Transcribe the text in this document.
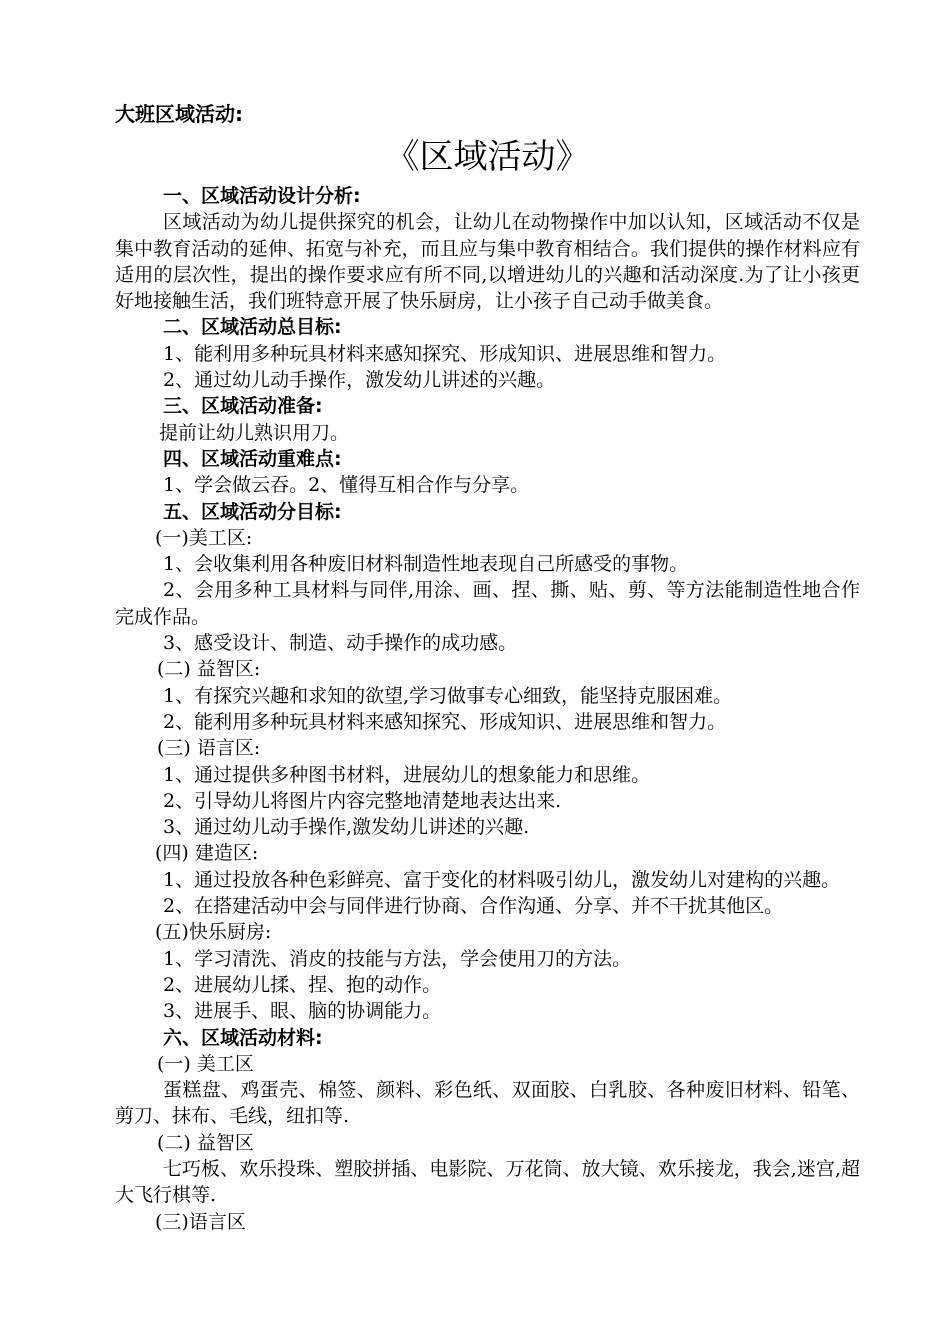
大班区域活动:
《区域活动》
一、区域活动设计分析:
区域活动为幼儿提供探究的机会，让幼儿在动物操作中加以认知，区域活动不仅是集中教育活动的延伸、拓宽与补充，而且应与集中教育相结合。我们提供的操作材料应有适用的层次性，提出的操作要求应有所不同,以增进幼儿的兴趣和活动深度.为了让小孩更好地接触生活，我们班特意开展了快乐厨房，让小孩子自己动手做美食。
二、区域活动总目标:
1、能利用多种玩具材料来感知探究、形成知识、进展思维和智力。
2、通过幼儿动手操作，激发幼儿讲述的兴趣。
三、区域活动准备:
提前让幼儿熟识用刀。
四、区域活动重难点:
1、学会做云吞。2、懂得互相合作与分享。
五、区域活动分目标:
(一)美工区:
1、会收集利用各种废旧材料制造性地表现自己所感受的事物。
2、会用多种工具材料与同伴,用涂、画、捏、撕、贴、剪、等方法能制造性地合作完成作品。
3、感受设计、制造、动手操作的成功感。
(二) 益智区:
1、有探究兴趣和求知的欲望,学习做事专心细致，能坚持克服困难。
2、能利用多种玩具材料来感知探究、形成知识、进展思维和智力。
(三) 语言区:
1、通过提供多种图书材料，进展幼儿的想象能力和思维。
2、引导幼儿将图片内容完整地清楚地表达出来.
3、通过幼儿动手操作,激发幼儿讲述的兴趣.
(四) 建造区:
1、通过投放各种色彩鲜亮、富于变化的材料吸引幼儿，激发幼儿对建构的兴趣。
2、在搭建活动中会与同伴进行协商、合作沟通、分享、并不干扰其他区。
(五)快乐厨房:
1、学习清洗、消皮的技能与方法，学会使用刀的方法。
2、进展幼儿揉、捏、抱的动作。
3、进展手、眼、脑的协调能力。
六、区域活动材料:
(一) 美工区
蛋糕盘、鸡蛋壳、棉签、颜料、彩色纸、双面胶、白乳胶、各种废旧材料、铅笔、剪刀、抹布、毛线，纽扣等.
(二) 益智区
七巧板、欢乐投珠、塑胶拼插、电影院、万花筒、放大镜、欢乐接龙，我会,迷宫,超大飞行棋等.
(三)语言区
